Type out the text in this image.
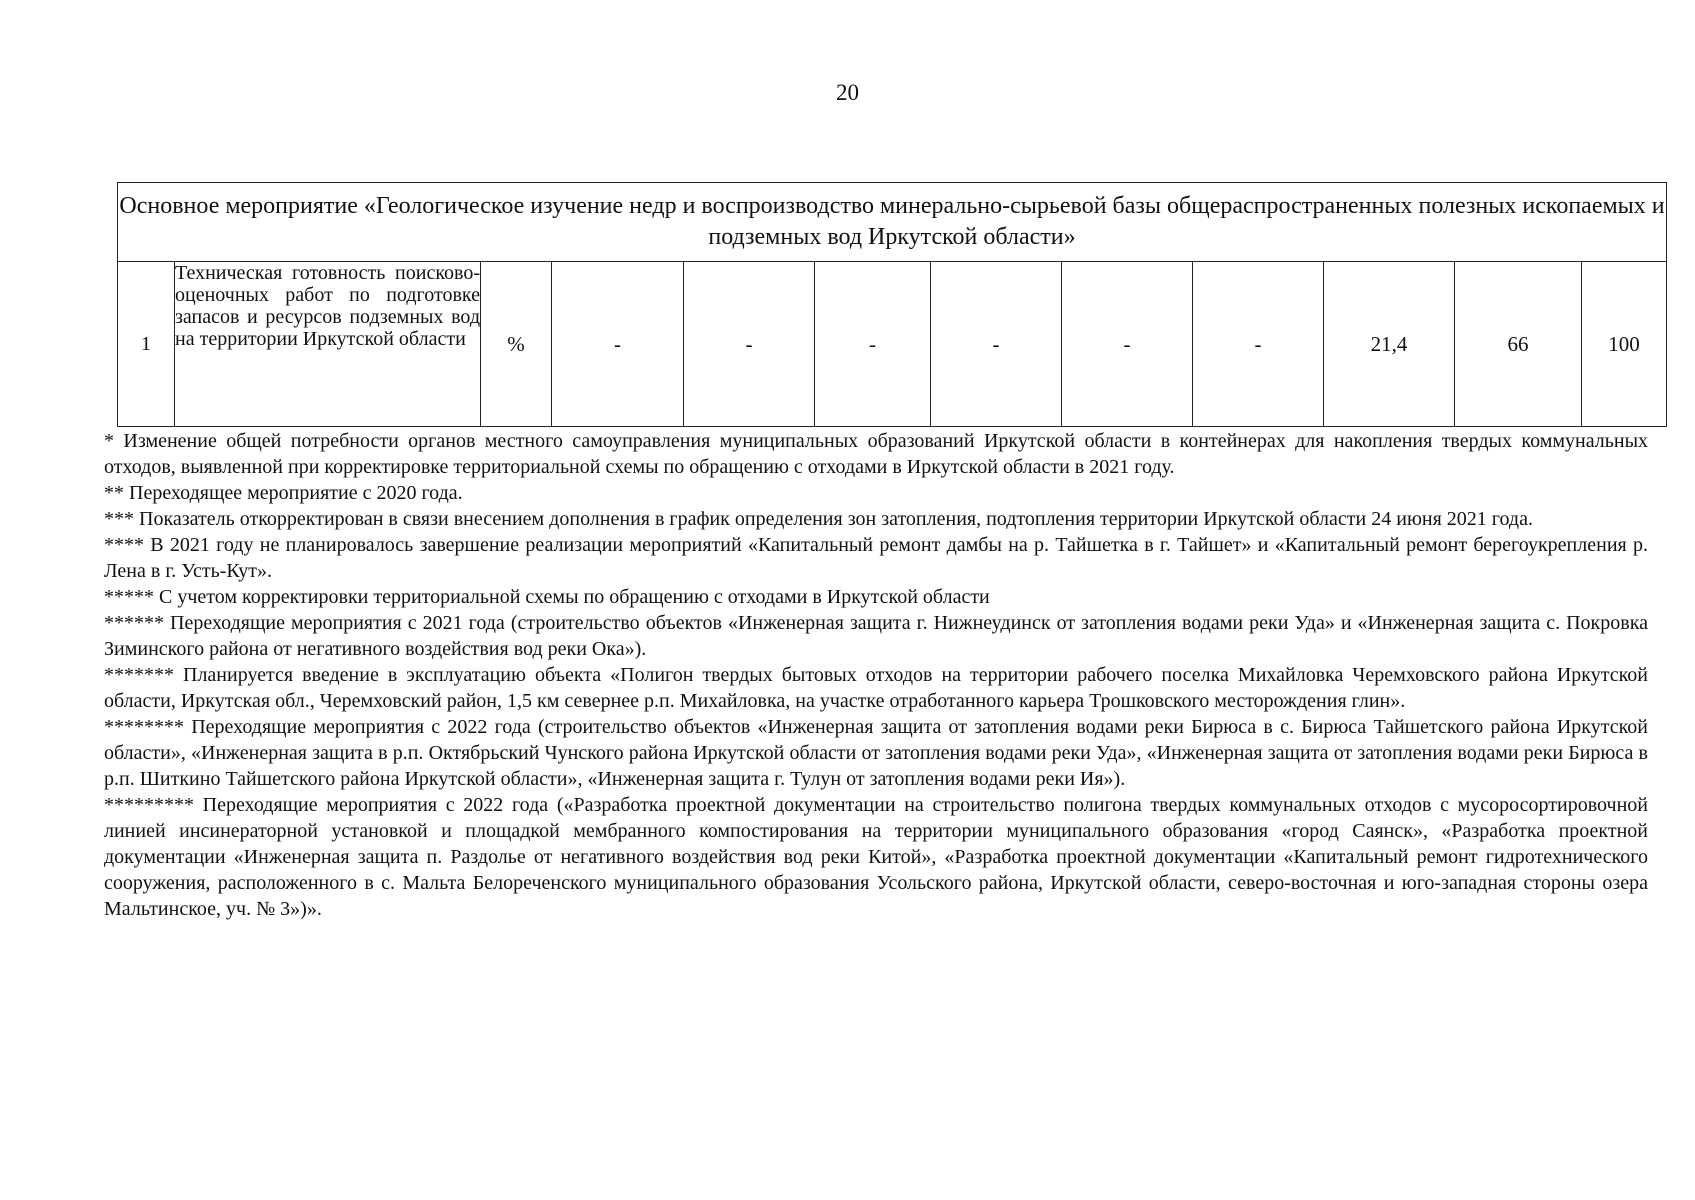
20
Основное мероприятие «Геологическое изучение недр и воспроизводство минерально-сырьевой базы общераспространенных полезных ископаемых и подземных вод Иркутской области»
1	Техническая готовность поисково-оценочных работ по подготовке запасов и ресурсов подземных вод на территории Иркутской области	%	-	-	-	-	-	-	21,4	66	100

* Изменение общей потребности органов местного самоуправления муниципальных образований Иркутской области в контейнерах для накопления твердых коммунальных отходов, выявленной при корректировке территориальной схемы по обращению с отходами в Иркутской области в 2021 году.

** Переходящее мероприятие с 2020 года.

*** Показатель откорректирован в связи внесением дополнения в график определения зон затопления, подтопления территории Иркутской области 24 июня 2021 года.

**** В 2021 году не планировалось завершение реализации мероприятий «Капитальный ремонт дамбы на р. Тайшетка в г. Тайшет» и «Капитальный ремонт берегоукрепления р. Лена в г. Усть-Кут».

***** С учетом корректировки территориальной схемы по обращению с отходами в Иркутской области

****** Переходящие мероприятия с 2021 года (строительство объектов «Инженерная защита г. Нижнеудинск от затопления водами реки Уда» и «Инженерная защита с. Покровка Зиминского района от негативного воздействия вод реки Ока»).

******* Планируется введение в эксплуатацию объекта «Полигон твердых бытовых отходов на территории рабочего поселка Михайловка Черемховского района Иркутской области, Иркутская обл., Черемховский район, 1,5 км севернее р.п. Михайловка, на участке отработанного карьера Трошковского месторождения глин».

******** Переходящие мероприятия с 2022 года (строительство объектов «Инженерная защита от затопления водами реки Бирюса в с. Бирюса Тайшетского района Иркутской области», «Инженерная защита в р.п. Октябрьский Чунского района Иркутской области от затопления водами реки Уда», «Инженерная защита от затопления водами реки Бирюса в р.п. Шиткино Тайшетского района Иркутской области», «Инженерная защита г. Тулун от затопления водами реки Ия»).

********* Переходящие мероприятия с 2022 года («Разработка проектной документации на строительство полигона твердых коммунальных отходов с мусоросортировочной линией инсинераторной установкой и площадкой мембранного компостирования на территории муниципального образования «город Саянск», «Разработка проектной документации «Инженерная защита п. Раздолье от негативного воздействия вод реки Китой», «Разработка проектной документации «Капитальный ремонт гидротехнического сооружения, расположенного в с. Мальта Белореченского муниципального образования Усольского района, Иркутской области, северо-восточная и юго-западная стороны озера Мальтинское, уч. № 3»)».
